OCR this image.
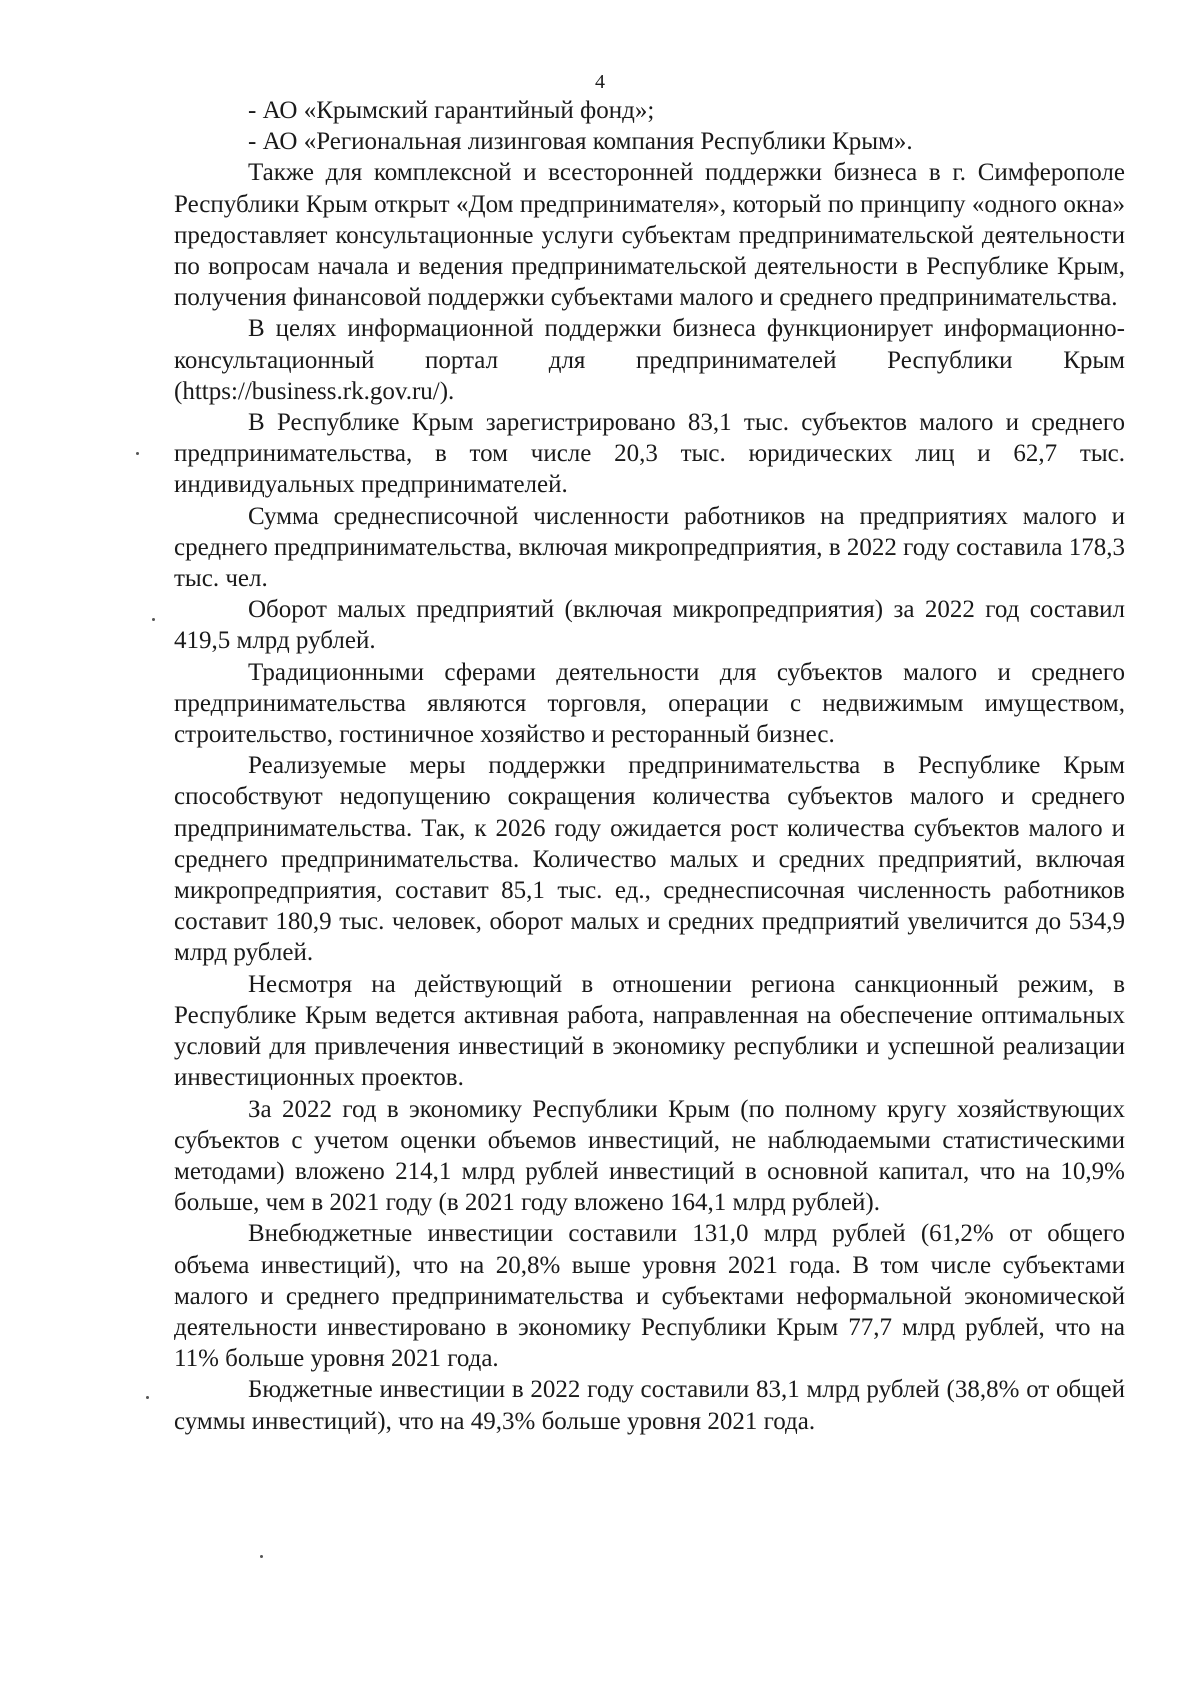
4

- АО «Крымский гарантийный фонд»;

- АО «Региональная лизинговая компания Республики Крым».

Также для комплексной и всесторонней поддержки бизнеса в г. Симферополе Республики Крым открыт «Дом предпринимателя», который по принципу «одного окна» предоставляет консультационные услуги субъектам предпринимательской деятельности по вопросам начала и ведения предпринимательской деятельности в Республике Крым, получения финансовой поддержки субъектами малого и среднего предпринимательства.

В целях информационной поддержки бизнеса функционирует информационно-консультационный портал для предпринимателей Республики Крым (https://business.rk.gov.ru/).

В Республике Крым зарегистрировано 83,1 тыс. субъектов малого и среднего предпринимательства, в том числе 20,3 тыс. юридических лиц и 62,7 тыс. индивидуальных предпринимателей.

Сумма среднесписочной численности работников на предприятиях малого и среднего предпринимательства, включая микропредприятия, в 2022 году составила 178,3 тыс. чел.

Оборот малых предприятий (включая микропредприятия) за 2022 год составил 419,5 млрд рублей.

Традиционными сферами деятельности для субъектов малого и среднего предпринимательства являются торговля, операции с недвижимым имуществом, строительство, гостиничное хозяйство и ресторанный бизнес.

Реализуемые меры поддержки предпринимательства в Республике Крым способствуют недопущению сокращения количества субъектов малого и среднего предпринимательства. Так, к 2026 году ожидается рост количества субъектов малого и среднего предпринимательства. Количество малых и средних предприятий, включая микропредприятия, составит 85,1 тыс. ед., среднесписочная численность работников составит 180,9 тыс. человек, оборот малых и средних предприятий увеличится до 534,9 млрд рублей.

Несмотря на действующий в отношении региона санкционный режим, в Республике Крым ведется активная работа, направленная на обеспечение оптимальных условий для привлечения инвестиций в экономику республики и успешной реализации инвестиционных проектов.

За 2022 год в экономику Республики Крым (по полному кругу хозяйствующих субъектов с учетом оценки объемов инвестиций, не наблюдаемыми статистическими методами) вложено 214,1 млрд рублей инвестиций в основной капитал, что на 10,9% больше, чем в 2021 году (в 2021 году вложено 164,1 млрд рублей).

Внебюджетные инвестиции составили 131,0 млрд рублей (61,2% от общего объема инвестиций), что на 20,8% выше уровня 2021 года. В том числе субъектами малого и среднего предпринимательства и субъектами неформальной экономической деятельности инвестировано в экономику Республики Крым 77,7 млрд рублей, что на 11% больше уровня 2021 года.

Бюджетные инвестиции в 2022 году составили 83,1 млрд рублей (38,8% от общей суммы инвестиций), что на 49,3% больше уровня 2021 года.
